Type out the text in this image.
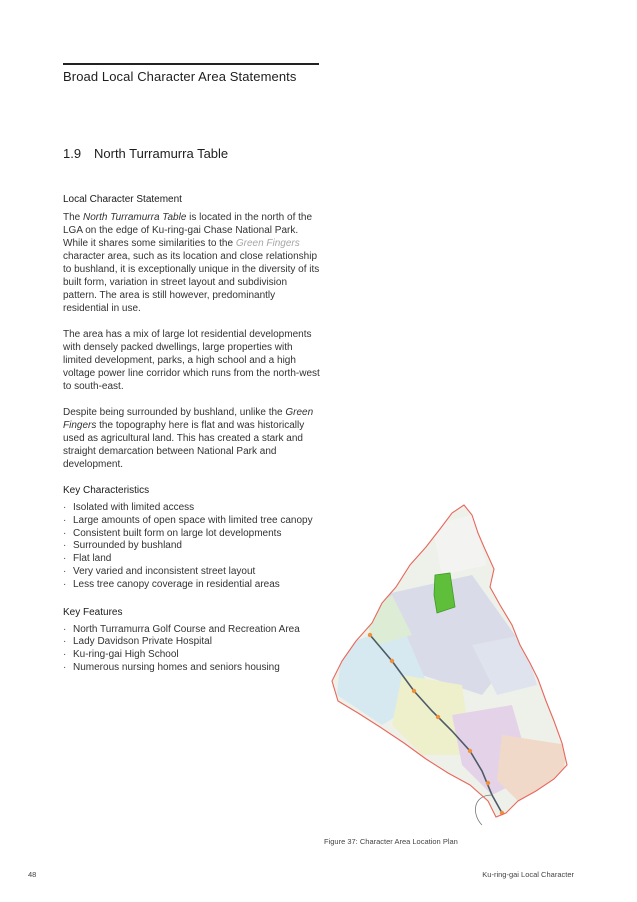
Broad Local Character Area Statements
1.9 North Turramurra Table
Local Character Statement

The North Turramurra Table is located in the north of the LGA on the edge of Ku-ring-gai Chase National Park. While it shares some similarities to the Green Fingers character area, such as its location and close relationship to bushland, it is exceptionally unique in the diversity of its built form, variation in street layout and subdivision pattern. The area is still however, predominantly residential in use.

The area has a mix of large lot residential developments with densely packed dwellings, large properties with limited development, parks, a high school and a high voltage power line corridor which runs from the north-west to south-east.

Despite being surrounded by bushland, unlike the Green Fingers the topography here is flat and was historically used as agricultural land. This has created a stark and straight demarcation between National Park and development.

Key Characteristics
· Isolated with limited access
· Large amounts of open space with limited tree canopy
· Consistent built form on large lot developments
· Surrounded by bushland
· Flat land
· Very varied and inconsistent street layout
· Less tree canopy coverage in residential areas
Key Features
· North Turramurra Golf Course and Recreation Area
· Lady Davidson Private Hospital
· Ku-ring-gai High School
· Numerous nursing homes and seniors housing
Figure 37: Character Area Location Plan
48	Ku-ring-gai Local Character
